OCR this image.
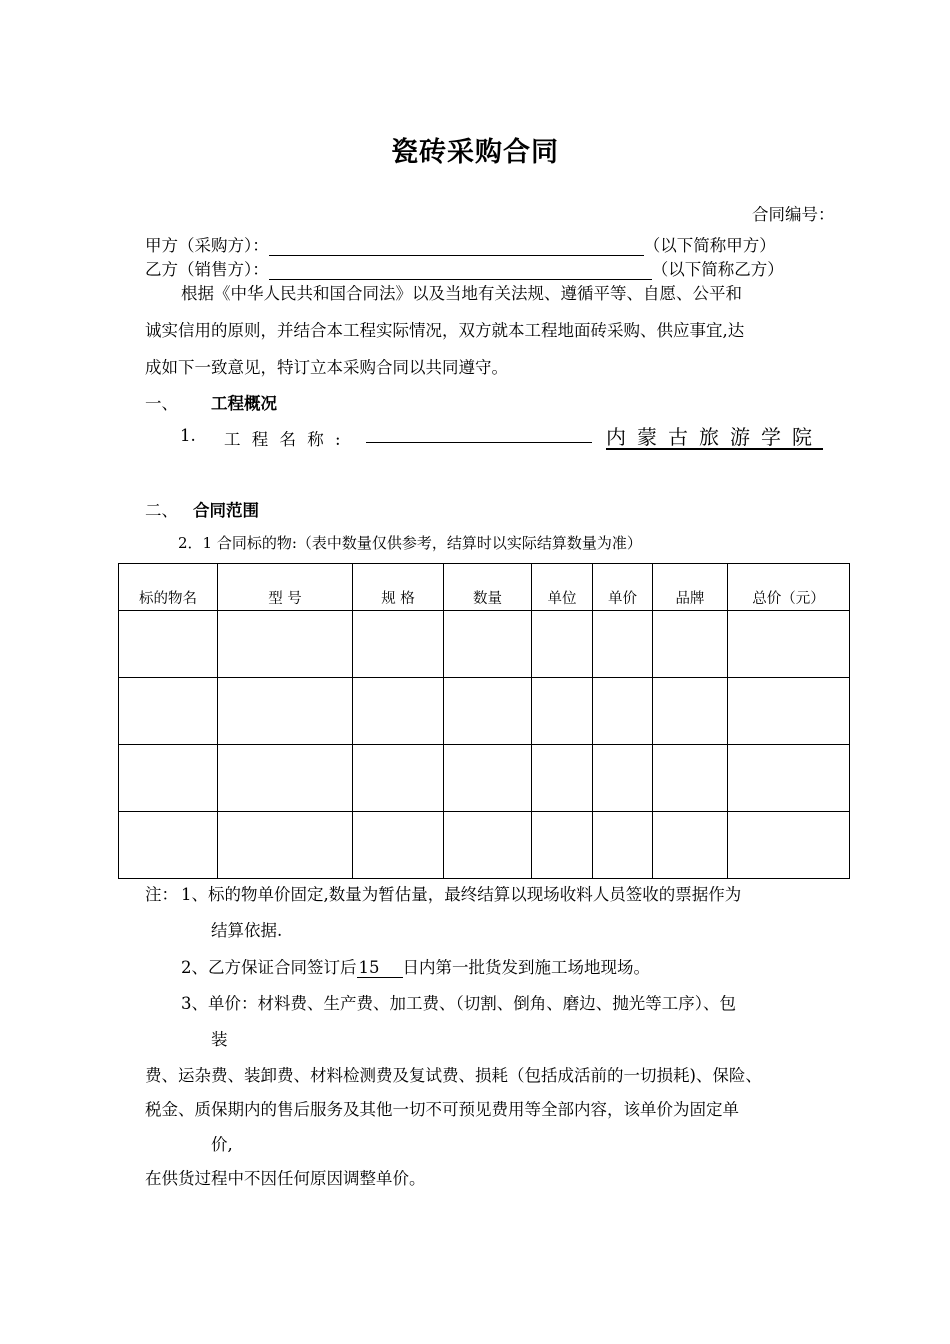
瓷砖采购合同
合同编号：
甲方（采购方）：	（以下简称甲方）
乙方（销售方）：	（以下简称乙方）
根据《中华人民共和国合同法》以及当地有关法规、遵循平等、自愿、公平和
诚实信用的原则，并结合本工程实际情况，双方就本工程地面砖采购、供应事宜,达
成如下一致意见，特订立本采购合同以共同遵守。
一、 工程概况
1. 工 程 名 称 :	内蒙古旅游学院
二、 合同范围
2．1 合同标的物:（表中数量仅供参考，结算时以实际结算数量为准）
标的物名	型 号	规 格	数量	单位	单价	品牌	总价（元）

注： 1、标的物单价固定,数量为暂估量，最终结算以现场收料人员签收的票据作为
结算依据.
2、乙方保证合同签订后 15 日内第一批货发到施工场地现场。
3、单价：材料费、生产费、加工费、（切割、倒角、磨边、抛光等工序）、包
装
费、运杂费、装卸费、材料检测费及复试费、损耗（包括成活前的一切损耗)、保险、
税金、质保期内的售后服务及其他一切不可预见费用等全部内容，该单价为固定单
价,
在供货过程中不因任何原因调整单价。
